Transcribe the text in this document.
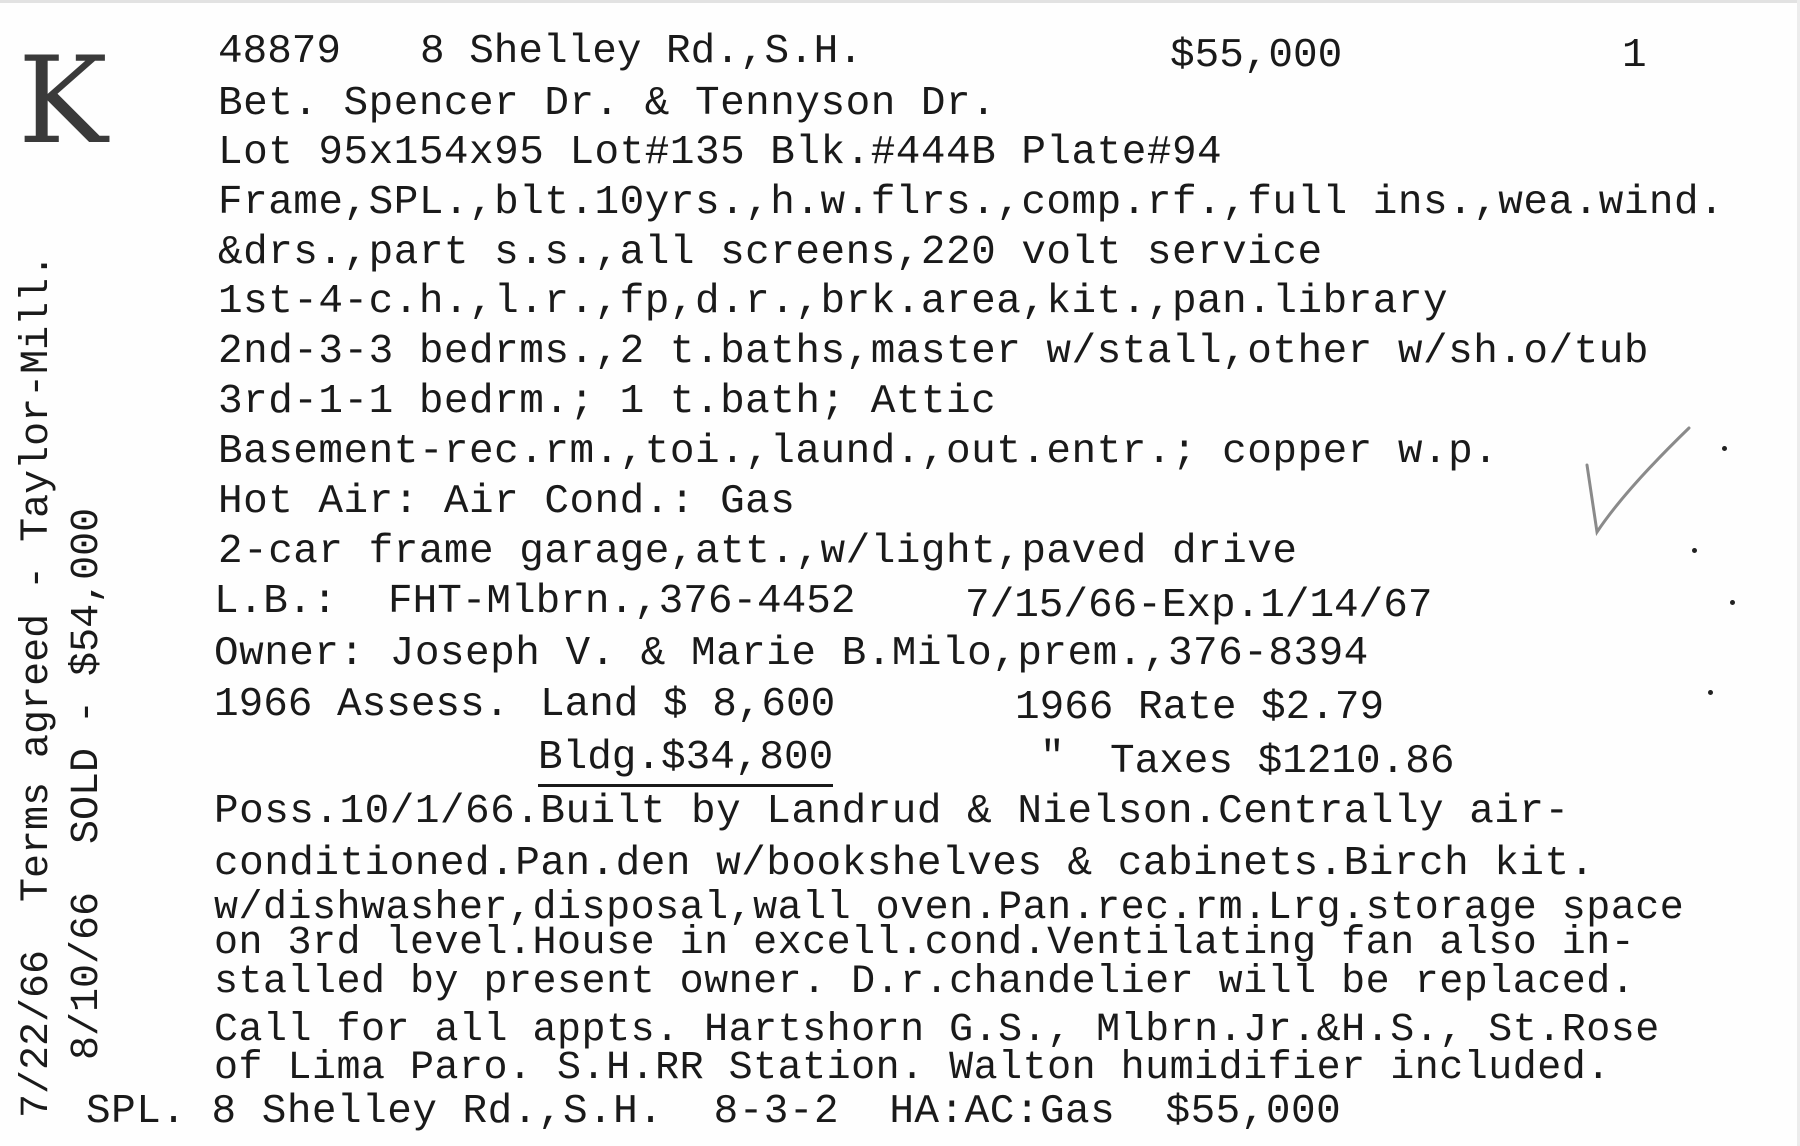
K
7/22/66  Terms agreed - Taylor-Mill. 8/10/66  SOLD - $54,000
48879 8 Shelley Rd.,S.H.	$55,000	1
Bet. Spencer Dr. & Tennyson Dr.
Lot 95x154x95 Lot#135 Blk.#444B Plate#94
Frame,SPL.,blt.10yrs.,h.w.flrs.,comp.rf.,full ins.,wea.wind.
&drs.,part s.s.,all screens,220 volt service
1st-4-c.h.,l.r.,fp,d.r.,brk.area,kit.,pan.library
2nd-3-3 bedrms.,2 t.baths,master w/stall,other w/sh.o/tub
3rd-1-1 bedrm.; 1 t.bath; Attic
Basement-rec.rm.,toi.,laund.,out.entr.; copper w.p.
Hot Air: Air Cond.: Gas
2-car frame garage,att.,w/light,paved drive
L.B.: FHT-Mlbrn.,376-4452	7/15/66-Exp.1/14/67
Owner: Joseph V. & Marie B.Milo,prem.,376-8394
1966 Assess. Land $ 8,600	1966 Rate $2.79
Bldg.$34,800	" Taxes $1210.86
Poss.10/1/66.Built by Landrud & Nielson.Centrally air-
conditioned.Pan.den w/bookshelves & cabinets.Birch kit.
w/dishwasher,disposal,wall oven.Pan.rec.rm.Lrg.storage space
on 3rd level.House in excell.cond.Ventilating fan also in-
stalled by present owner. D.r.chandelier will be replaced.
Call for all appts. Hartshorn G.S., Mlbrn.Jr.&H.S., St.Rose
of Lima Paro. S.H.RR Station. Walton humidifier included.
SPL. 8 Shelley Rd.,S.H.  8-3-2  HA:AC:Gas  $55,000
